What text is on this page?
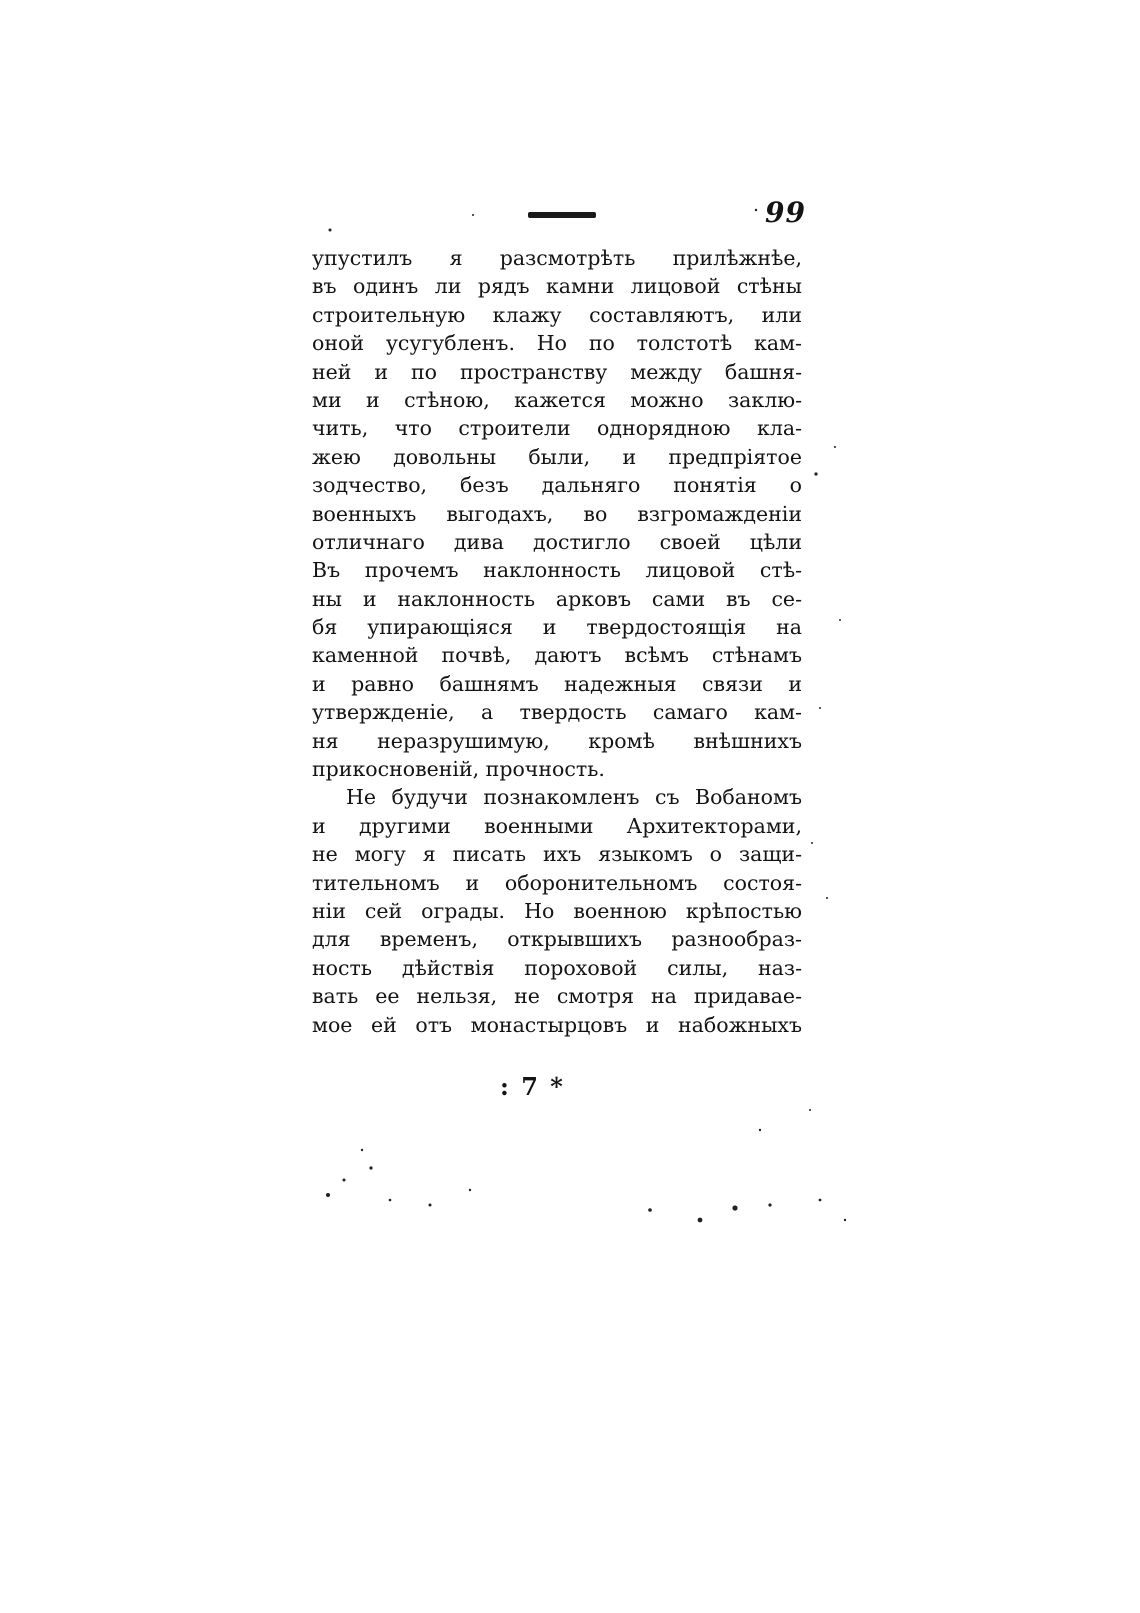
99
упустилъ я разсмотрѣть прилѣжнѣе,
въ одинъ ли рядъ камни лицовой стѣны
строительную клажу составляютъ, или
оной усугубленъ. Но по толстотѣ кам-
ней и по пространству между башня-
ми и стѣною, кажется можно заклю-
чить, что строители однорядною кла-
жею довольны были, и предпріятое
зодчество, безъ дальняго понятія о
военныхъ выгодахъ, во взгромажденіи
отличнаго дива достигло своей цѣли
Въ прочемъ наклонность лицовой стѣ-
ны и наклонность арковъ сами въ се-
бя упирающіяся и твердостоящія на
каменной почвѣ, даютъ всѣмъ стѣнамъ
и равно башнямъ надежныя связи и
утвержденіе, а твердость самаго кам-
ня неразрушимую, кромѣ внѣшнихъ
прикосновеній, прочность.
Не будучи познакомленъ съ Вобаномъ
и другими военными Архитекторами,
не могу я писать ихъ языкомъ о защи-
тительномъ и оборонительномъ состоя-
ніи сей ограды. Но военною крѣпостью
для временъ, открывшихъ разнообраз-
ность дѣйствія пороховой силы, наз-
вать ее нельзя, не смотря на придавае-
мое ей отъ монастырцовъ и набожныхъ
: 7 *
